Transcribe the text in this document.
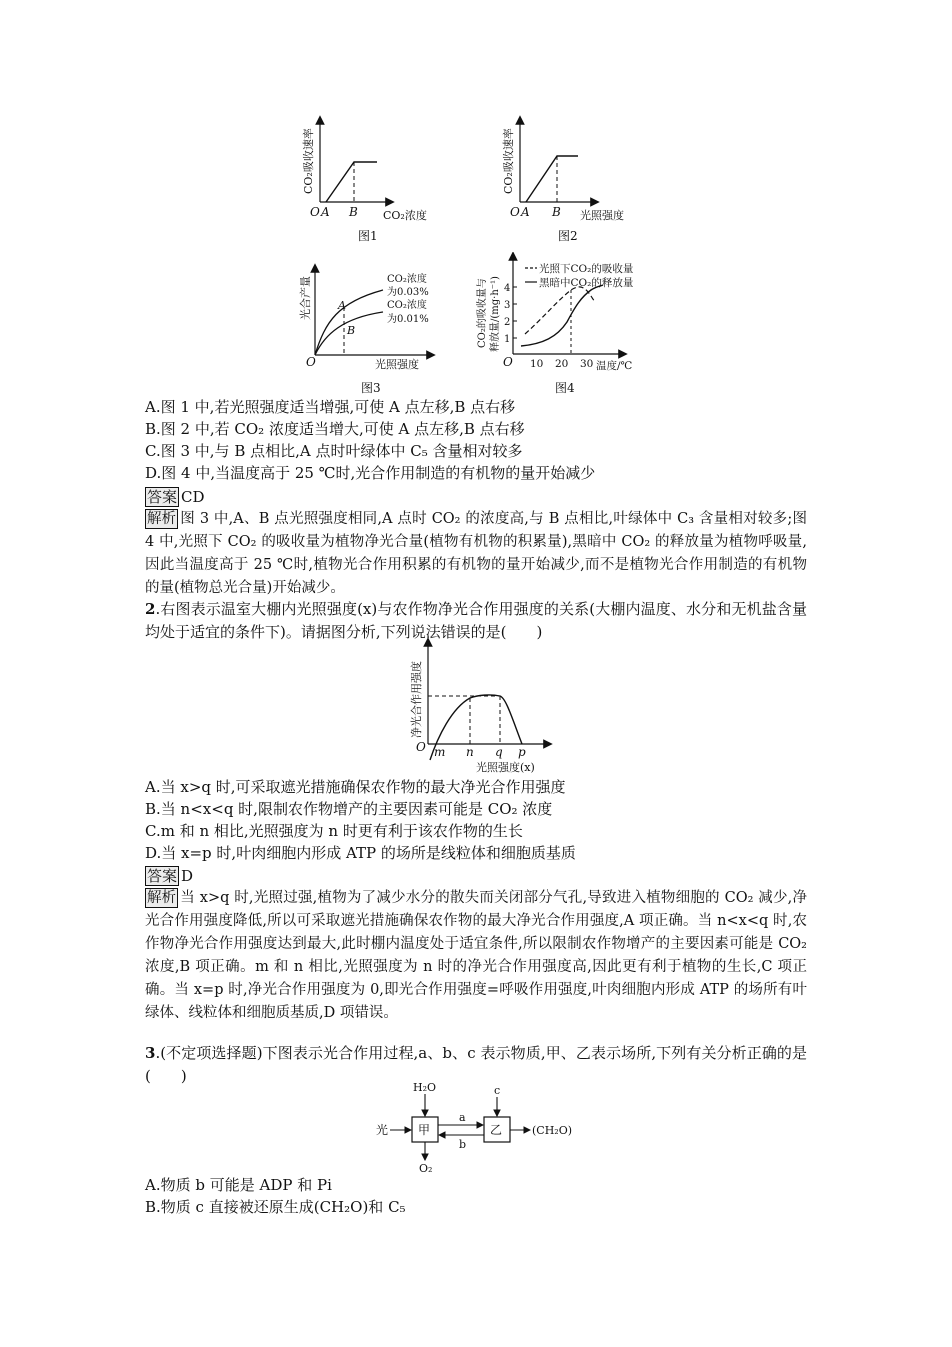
CO₂吸收速率
O A B CO₂浓度
图1
CO₂吸收速率
O A B 光照强度
图2
光合产量 A
B
CO₂浓度
为0.03%
CO₂浓度
为0.01%
O	光照强度
图3
1
2
3
4
光照下CO₂的吸收量
黑暗中CO₂的释放量
CO₂的吸收量与 释放量/(mg·h⁻¹)
O 10 20 30 温度/℃
图4
A.图 1 中,若光照强度适当增强,可使 A 点左移,B 点右移
B.图 2 中,若 CO₂ 浓度适当增大,可使 A 点左移,B 点右移
C.图 3 中,与 B 点相比,A 点时叶绿体中 C₅ 含量相对较多
D.图 4 中,当温度高于 25 ℃时,光合作用制造的有机物的量开始减少
答案 CD
解析 图 3 中,A、B 点光照强度相同,A 点时 CO₂ 的浓度高,与 B 点相比,叶绿体中 C₃ 含量相对较多;图 4 中,光照下 CO₂ 的吸收量为植物净光合量(植物有机物的积累量),黑暗中 CO₂ 的释放量为植物呼吸量,因此当温度高于 25 ℃时,植物光合作用积累的有机物的量开始减少,而不是植物光合作用制造的有机物的量(植物总光合量)开始减少。
2.右图表示温室大棚内光照强度(x)与农作物净光合作用强度的关系(大棚内温度、水分和无机盐含量均处于适宜的条件下)。请据图分析,下列说法错误的是(　　)
净光合作用强度
O m n q p
光照强度(x)
A.当 x>q 时,可采取遮光措施确保农作物的最大净光合作用强度
B.当 n<x<q 时,限制农作物增产的主要因素可能是 CO₂ 浓度
C.m 和 n 相比,光照强度为 n 时更有利于该农作物的生长
D.当 x=p 时,叶肉细胞内形成 ATP 的场所是线粒体和细胞质基质
答案 D
解析 当 x>q 时,光照过强,植物为了减少水分的散失而关闭部分气孔,导致进入植物细胞的 CO₂ 减少,净光合作用强度降低,所以可采取遮光措施确保农作物的最大净光合作用强度,A 项正确。当 n<x<q 时,农作物净光合作用强度达到最大,此时棚内温度处于适宜条件,所以限制农作物增产的主要因素可能是 CO₂ 浓度,B 项正确。m 和 n 相比,光照强度为 n 时的净光合作用强度高,因此更有利于植物的生长,C 项正确。当 x=p 时,净光合作用强度为 0,即光合作用强度=呼吸作用强度,叶肉细胞内形成 ATP 的场所有叶绿体、线粒体和细胞质基质,D 项错误。
3.(不定项选择题)下图表示光合作用过程,a、b、c 表示物质,甲、乙表示场所,下列有关分析正确的是(　　)
H₂O	c
光 甲
a
b
乙	(CH₂O)
O₂
A.物质 b 可能是 ADP 和 Pi
B.物质 c 直接被还原生成(CH₂O)和 C₅
